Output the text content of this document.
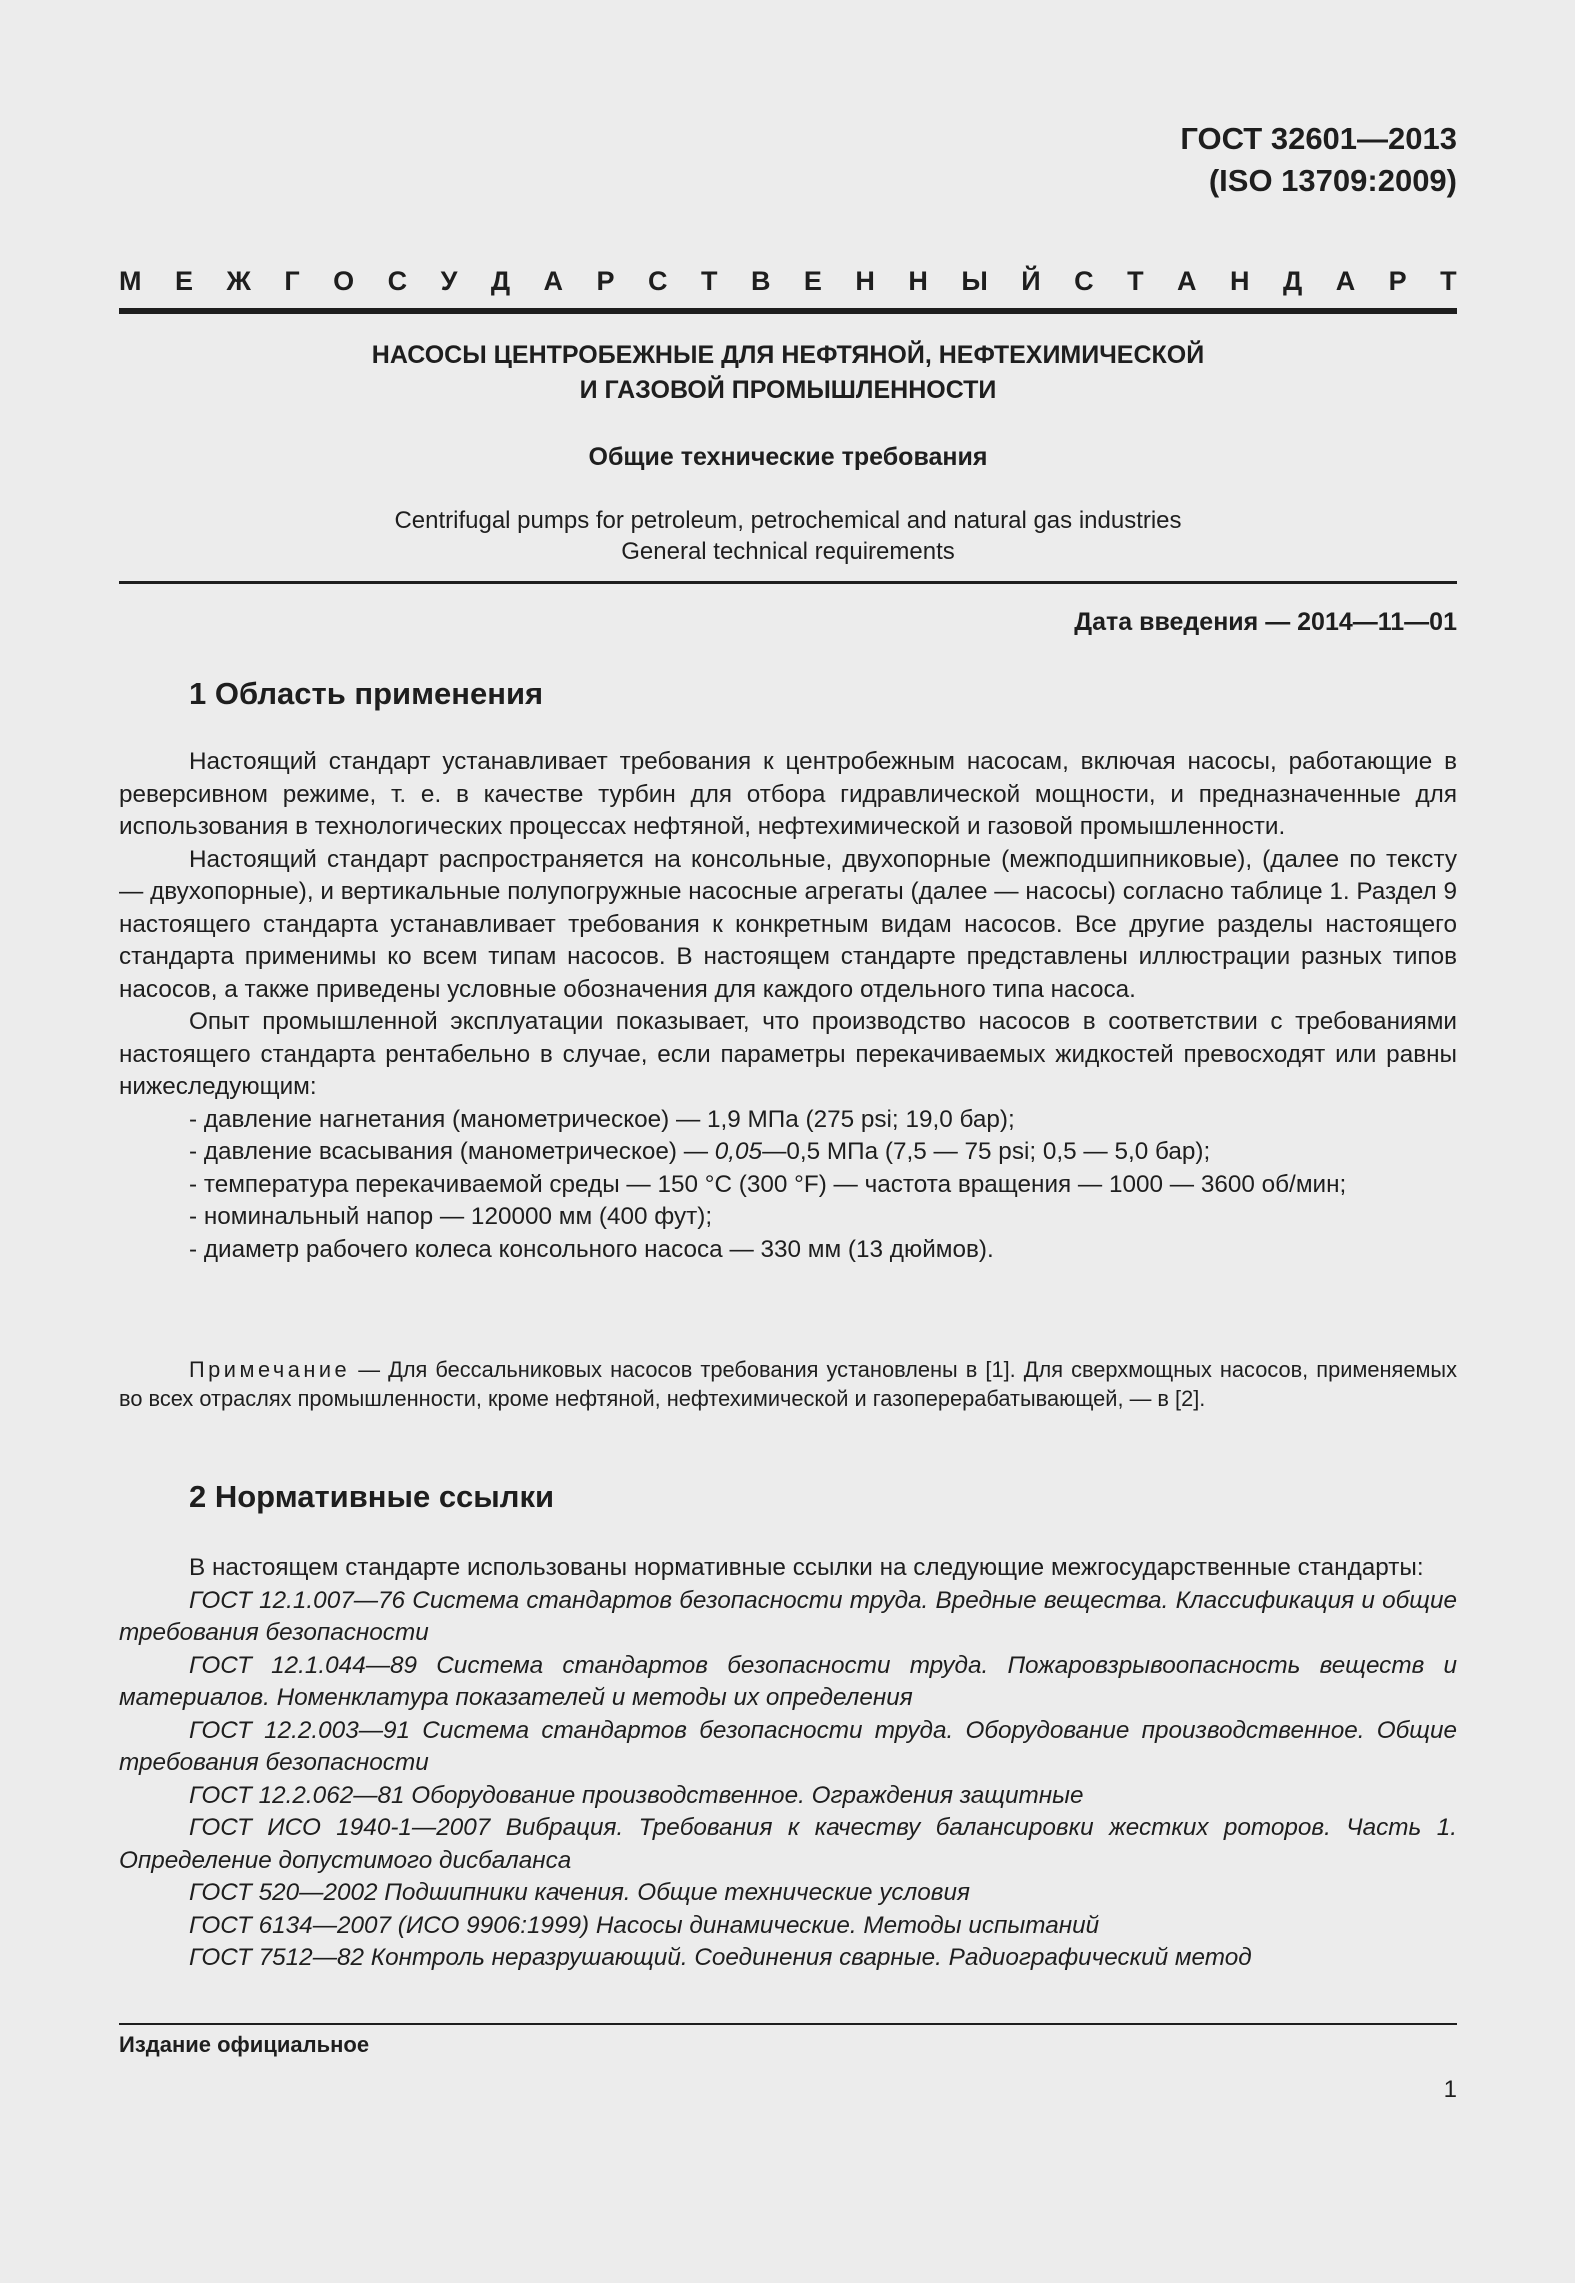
ГОСТ 32601—2013
(ISO 13709:2009)
М Е Ж Г О С У Д А Р С Т В Е Н Н Ы Й С Т А Н Д А Р Т

НАСОСЫ ЦЕНТРОБЕЖНЫЕ ДЛЯ НЕФТЯНОЙ, НЕФТЕХИМИЧЕСКОЙ

И ГАЗОВОЙ ПРОМЫШЛЕННОСТИ

Общие технические требования

Centrifugal pumps for petroleum, petrochemical and natural gas industries
General technical requirements
Дата введения — 2014—11—01
1 Область применения

Настоящий стандарт устанавливает требования к центробежным насосам, включая насосы, работающие в реверсивном режиме, т. е. в качестве турбин для отбора гидравлической мощности, и предназначенные для использования в технологических процессах нефтяной, нефтехимической и газовой промышленности.

Настоящий стандарт распространяется на консольные, двухопорные (межподшипниковые), (далее по тексту — двухопорные), и вертикальные полупогружные насосные агрегаты (далее — насосы) согласно таблице 1. Раздел 9 настоящего стандарта устанавливает требования к конкретным видам насосов. Все другие разделы настоящего стандарта применимы ко всем типам насосов. В настоящем стандарте представлены иллюстрации разных типов насосов, а также приведены условные обозначения для каждого отдельного типа насоса.

Опыт промышленной эксплуатации показывает, что производство насосов в соответствии с требованиями настоящего стандарта рентабельно в случае, если параметры перекачиваемых жидкостей превосходят или равны нижеследующим:

- давление нагнетания (манометрическое) — 1,9 МПа (275 psi; 19,0 бар);

- давление всасывания (манометрическое) — 0,05—0,5 МПа (7,5 — 75 psi; 0,5 — 5,0 бар);

- температура перекачиваемой среды — 150 °С (300 °F) — частота вращения — 1000 — 3600 об/мин;

- номинальный напор — 120000 мм (400 фут);

- диаметр рабочего колеса консольного насоса — 330 мм (13 дюймов).

Примечание — Для бессальниковых насосов требования установлены в [1]. Для сверхмощных насосов, применяемых во всех отраслях промышленности, кроме нефтяной, нефтехимической и газоперерабатывающей, — в [2].

2 Нормативные ссылки

В настоящем стандарте использованы нормативные ссылки на следующие межгосударственные стандарты:

ГОСТ 12.1.007—76 Система стандартов безопасности труда. Вредные вещества. Классификация и общие требования безопасности

ГОСТ 12.1.044—89 Система стандартов безопасности труда. Пожаровзрывоопасность веществ и материалов. Номенклатура показателей и методы их определения

ГОСТ 12.2.003—91 Система стандартов безопасности труда. Оборудование производственное. Общие требования безопасности

ГОСТ 12.2.062—81 Оборудование производственное. Ограждения защитные

ГОСТ ИСО 1940-1—2007 Вибрация. Требования к качеству балансировки жестких роторов. Часть 1. Определение допустимого дисбаланса

ГОСТ 520—2002 Подшипники качения. Общие технические условия

ГОСТ 6134—2007 (ИСО 9906:1999) Насосы динамические. Методы испытаний

ГОСТ 7512—82 Контроль неразрушающий. Соединения сварные. Радиографический метод

Издание официальное
1
